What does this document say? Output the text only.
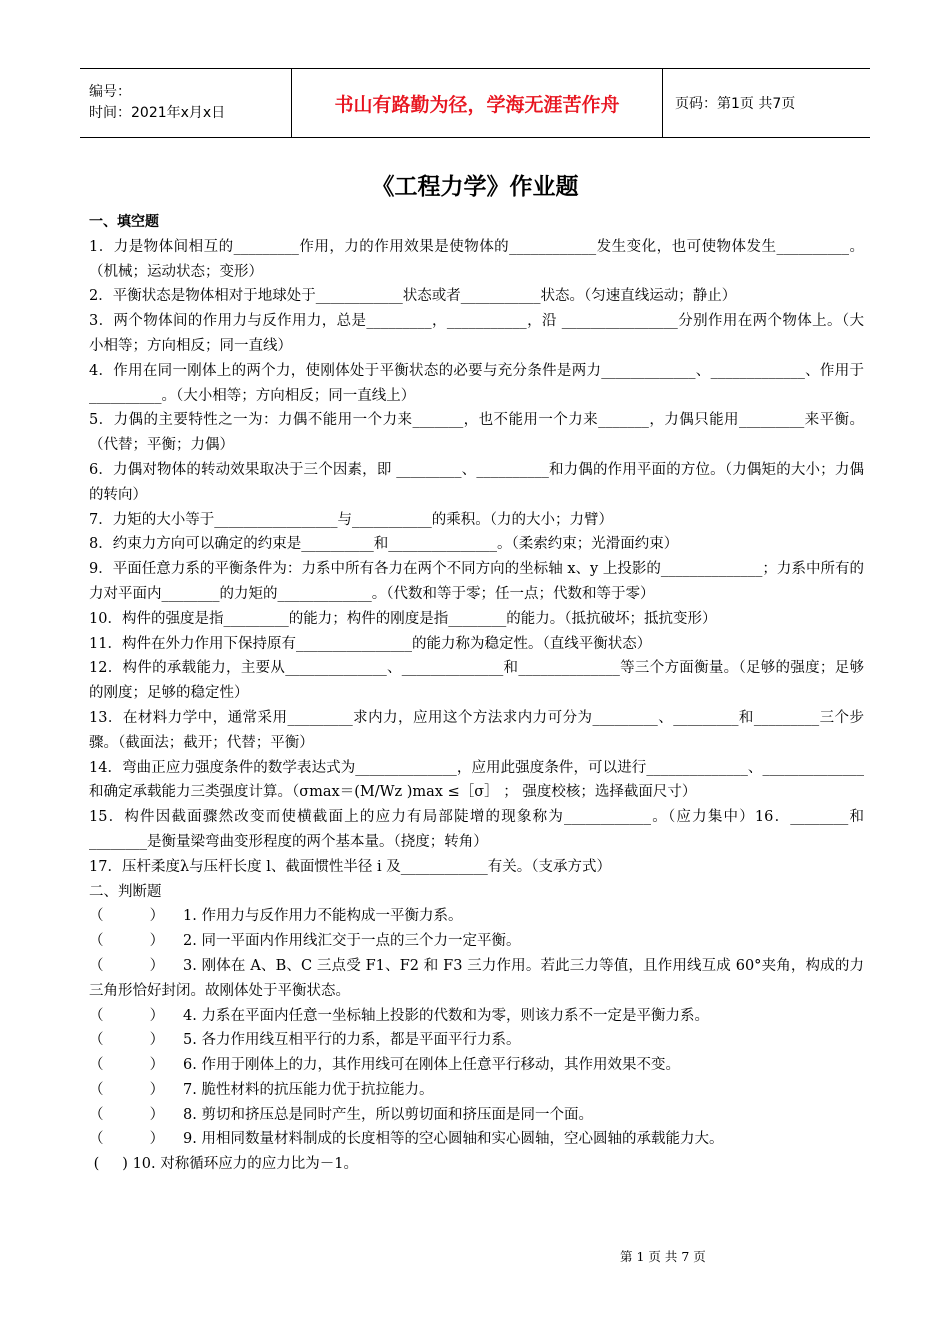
编号：
时间：2021年x月x日	书山有路勤为径，学海无涯苦作舟	页码：第1页 共7页
《工程力学》作业题

一、填空题

1．力是物体间相互的_________作用，力的作用效果是使物体的____________发生变化，也可使物体发生__________。（机械；运动状态；变形）

2．平衡状态是物体相对于地球处于____________状态或者___________状态。（匀速直线运动；静止）

3．两个物体间的作用力与反作用力，总是_________，___________，沿 ________________分别作用在两个物体上。（大小相等；方向相反；同一直线）

4．作用在同一刚体上的两个力，使刚体处于平衡状态的必要与充分条件是两力_____________、_____________、作用于__________。（大小相等；方向相反；同一直线上）

5．力偶的主要特性之一为：力偶不能用一个力来_______，也不能用一个力来_______，力偶只能用_________来平衡。（代替；平衡；力偶）

6．力偶对物体的转动效果取决于三个因素，即 _________、__________和力偶的作用平面的方位。（力偶矩的大小；力偶的转向）

7．力矩的大小等于_________________与___________的乘积。（力的大小；力臂）

8．约束力方向可以确定的约束是__________和_______________。（柔索约束；光滑面约束）

9．平面任意力系的平衡条件为：力系中所有各力在两个不同方向的坐标轴 x、y 上投影的______________；力系中所有的力对平面内________的力矩的_____________。（代数和等于零；任一点；代数和等于零）

10．构件的强度是指_________的能力；构件的刚度是指________的能力。（抵抗破坏；抵抗变形）

11．构件在外力作用下保持原有________________的能力称为稳定性。（直线平衡状态）

12．构件的承载能力，主要从______________、______________和______________等三个方面衡量。（足够的强度；足够的刚度；足够的稳定性）

13．在材料力学中，通常采用_________求内力，应用这个方法求内力可分为_________、_________和_________三个步骤。（截面法；截开；代替；平衡）

14．弯曲正应力强度条件的数学表达式为______________，应用此强度条件，可以进行______________、______________和确定承载能力三类强度计算。（σmax＝(M/Wz )max ≤［σ］ ； 强度校核；选择截面尺寸）

15．构件因截面骤然改变而使横截面上的应力有局部陡增的现象称为____________。（应力集中）16．________和________是衡量梁弯曲变形程度的两个基本量。（挠度；转角）

17．压杆柔度λ与压杆长度 l、截面惯性半径 i 及____________有关。（支承方式）

二、判断题

（          ）	1. 作用力与反作用力不能构成一平衡力系。
（          ）	2. 同一平面内作用线汇交于一点的三个力一定平衡。

（          ） 3. 刚体在 A、B、C 三点受 F1、F2 和 F3 三力作用。若此三力等值，且作用线互成 60°夹角，构成的力三角形恰好封闭。故刚体处于平衡状态。

（          ）	4. 力系在平面内任意一坐标轴上投影的代数和为零，则该力系不一定是平衡力系。
（          ）	5. 各力作用线互相平行的力系，都是平面平行力系。
（          ）	6. 作用于刚体上的力，其作用线可在刚体上任意平行移动，其作用效果不变。
（          ）	7. 脆性材料的抗压能力优于抗拉能力。
（          ）	8. 剪切和挤压总是同时产生，所以剪切面和挤压面是同一个面。
（          ）	9. 用相同数量材料制成的长度相等的空心圆轴和实心圆轴，空心圆轴的承载能力大。

(     ) 10. 对称循环应力的应力比为－1。

第 1 页 共 7 页
